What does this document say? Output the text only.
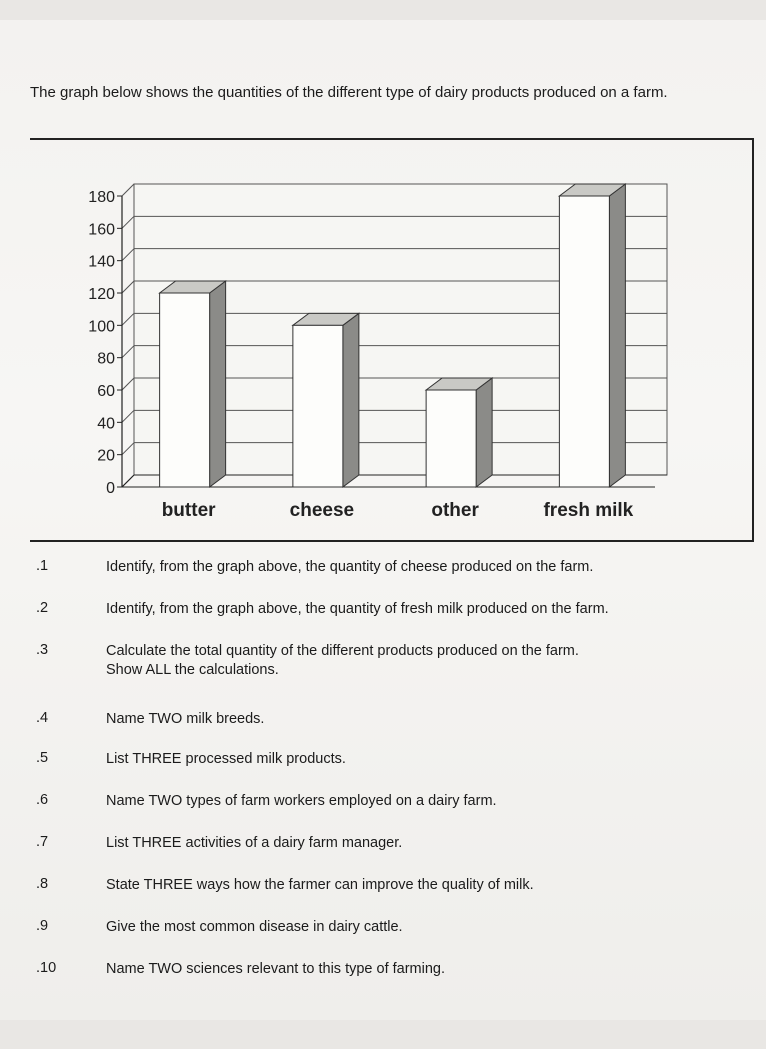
The graph below shows the quantities of the different type of dairy products produced on a farm.

0
20
40
60
80
100
120
140
160
180
butter	cheese	other	fresh milk
.1	Identify, from the graph above, the quantity of cheese produced on the farm.
.2	Identify, from the graph above, the quantity of fresh milk produced on the farm.
.3	Calculate the total quantity of the different products produced on the farm.
Show ALL the calculations.
.4	Name TWO milk breeds.
.5	List THREE processed milk products.
.6	Name TWO types of farm workers employed on a dairy farm.
.7	List THREE activities of a dairy farm manager.
.8	State THREE ways how the farmer can improve the quality of milk.
.9	Give the most common disease in dairy cattle.
.10	Name TWO sciences relevant to this type of farming.
